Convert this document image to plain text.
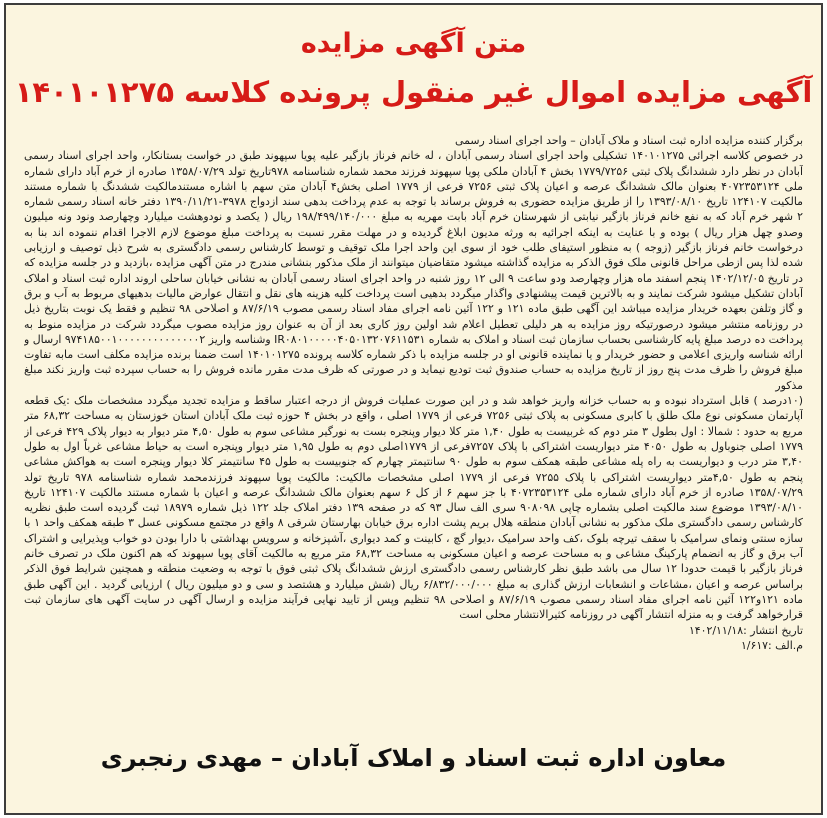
متن آگهی مزایده
آگهی مزایده اموال غیر منقول پرونده کلاسه ۱۴۰۱۰۱۲۷۵

برگزار کننده مزایده اداره ثبت اسناد و ملاک آبادان – واحد اجرای اسناد رسمی

در خصوص کلاسه اجرائی ۱۴۰۱۰۱۲۷۵ تشکیلی واحد اجرای اسناد رسمی آبادان ، له خانم فرناز بازگیر علیه پویا سپهوند طبق در خواست بستانکار، واحد اجرای اسناد رسمی آبادان در نظر دارد ششدانگ پلاک ثبتی ۱۷۷۹/۷۲۵۶ بخش ۴ آبادان ملکی پویا سپهوند فرزند محمد شماره شناسنامه ۹۷۸تاریخ تولد ۱۳۵۸/۰۷/۲۹ صادره از خرم آباد دارای شماره ملی ۴۰۷۲۳۵۳۱۲۴ بعنوان مالک ششدانگ عرصه و اعیان پلاک ثبتی ۷۲۵۶ فرعی از ۱۷۷۹ اصلی بخش۴ آبادان متن سهم با اشاره مستندمالکیت ششدنگ با شماره مستند مالکیت ۱۲۴۱۰۷ تاریخ ۱۳۹۳/۰۸/۱۰ را از طریق مزایده حضوری به فروش برساند با توجه به عدم پرداخت بدهی سند ازدواج ۳۹۷۸-۱۳۹۰/۱۱/۲۱ دفتر خانه اسناد رسمی شماره ۲ شهر خرم آباد که به نفع خانم فرناز بازگیر نیابتی از شهرستان خرم آباد بابت مهریه به مبلغ ۱۹۸/۴۹۹/۱۴۰/۰۰۰ ریال ( یکصد و نودوهشت میلیارد وچهارصد ونود ونه میلیون وصدو چهل هزار ریال ) بوده و با عنایت به اینکه اجرائیه به ورثه مدیون ابلاغ گردیده و در مهلت مقرر نسبت به پرداخت مبلغ موضوع لازم الاجرا اقدام ننموده اند بنا به درخواست خانم فرناز بازگیر (زوجه ) به منظور استیفای طلب خود از سوی این واحد اجرا ملک توقیف و توسط کارشناس رسمی دادگستری به شرح ذیل توصیف و ارزیابی شده لذا پس ازطی مراحل قانونی ملک فوق الذکر به مزایده گذاشته میشود متقاضیان میتوانند از ملک مذکور بنشانی مندرج در متن آگهی مزایده ،بازدید و در جلسه مزایده که در تاریخ ۱۴۰۲/۱۲/۰۵ پنجم اسفند ماه هزار وچهارصد ودو ساعت ۹ الی ۱۲ روز شنبه در واحد اجرای اسناد رسمی آبادان به نشانی خیابان ساحلی اروند اداره ثبت اسناد و املاک آبادان تشکیل میشود شرکت نمایند و به بالاترین قیمت پیشنهادی واگذار میگردد بدهیی است پرداخت کلیه هزینه های نقل و انتقال عوارض مالیات بدهیهای مربوط به آب و برق و گاز وتلفن بعهده خریدار مزایده میباشد این آگهی طبق ماده ۱۲۱ و ۱۲۲ آئین نامه اجرای مفاد اسناد رسمی مصوب ۸۷/۶/۱۹ و اصلاحی ۹۸ تنظیم و فقط یک نوبت بتاریخ ذیل در روزنامه منتشر میشود درصورتیکه روز مزایده به هر دلیلی تعطیل اعلام شد اولین روز کاری بعد از آن به عنوان روز مزایده مصوب میگردد شرکت در مزایده منوط به پرداخت ده درصد مبلغ پایه کارشناسی بحساب سازمان ثبت اسناد و املاک به شماره IR۰۸۰۱۰۰۰۰۰۴۰۵۰۱۳۲۰۷۶۱۱۵۳۱ وشناسه واریز ۹۷۴۱۸۵۰۰۱۰۰۰۰۰۰۰۰۰۰۰۰۰۰۲ ارسال و ارائه شناسه واریزی اعلامی و حضور خریدار و یا نماینده قانونی او در جلسه مزایده با ذکر شماره کلاسه پرونده ۱۴۰۱۰۱۲۷۵ است ضمنا برنده مزایده مکلف است مابه تفاوت مبلغ فروش را ظرف مدت پنج روز از تاریخ مزایده به حساب صندوق ثبت تودیع نیماید و در صورتی که ظرف مدت مقرر مانده فروش را به حساب سپرده ثبت واریز نکند مبلغ مذکور

(۱۰درصد ) قابل استرداد نبوده و به حساب خزانه واریز خواهد شد و در این صورت عملیات فروش از درجه اعتبار ساقط و مزایده تجدید میگردد مشخصات ملک :یک قطعه آپارتمان مسکونی نوع ملک طلق با کابری مسکونی به پلاک ثبتی ۷۲۵۶ فرعی از ۱۷۷۹ اصلی ، واقع در بخش ۴ حوزه ثبت ملک آبادان استان خوزستان به مساحت ۶۸,۳۲ متر مربع به حدود : شمالا : اول بطول ۳ متر دوم که غربیست به طول ۱,۴۰ متر کلا دیوار وپنجره بست به نورگیر مشاعی سوم به طول ۴,۵۰ متر دیوار به دیوار پلاک ۴۲۹ فرعی از ۱۷۷۹ اصلی جنوباول به طول ۴۰۵۰ متر دیواریست اشتراکی با پلاک ۷۲۵۷فرعی از ۱۷۷۹اصلی دوم به طول ۱,۹۵ متر دیوار وپنجره است به حیاط مشاعی غرباً اول به طول ۳,۴۰ متر درب و دیواریست به راه پله مشاعی طبقه همکف سوم به طول ۹۰ سانتیمتر چهارم که جنوبیست به طول ۴۵ سانتیمتر کلا دیوار وپنجره است به هواکش مشاعی پنجم به طول ۴,۵۰متر دیواریست اشتراکی با پلاک ۷۲۵۵ فرعی از ۱۷۷۹ اصلی مشخصات مالکیت: مالکیت پویا سپهوند فرزندمحمد شماره شناسنامه ۹۷۸ تاریخ تولد ۱۳۵۸/۰۷/۲۹ صادره از خرم آباد دارای شماره ملی ۴۰۷۲۳۵۳۱۲۴ با جز سهم ۶ از کل ۶ سهم بعنوان مالک ششدانگ عرصه و اعیان با شماره مستند مالکیت ۱۲۴۱۰۷ تاریخ ۱۳۹۳/۰۸/۱۰ موضوع سند مالکیت اصلی بشماره چاپی ۹۰۸۰۹۸ سری الف سال ۹۳ که در صفحه ۱۳۹ دفتر املاک جلد ۱۲۲ ذیل شماره ۱۸۹۷۹ ثبت گردیده است طبق نظریه کارشناس رسمی دادگستری ملک مذکور به نشانی آبادان منطقه هلال بریم پشت اداره برق خیابان بهارستان شرقی ۸ واقع در مجتمع مسکونی عسل ۳ طبقه همکف واحد ۱ با سازه سنتی ونمای سرامیک با سقف تیرچه بلوک ،کف واحد سرامیک ،دیوار گچ ، کابینت و کمد دیواری ،آشپزخانه و سرویس بهداشتی با دارا بودن دو خواب وپذیرایی و اشتراک آب برق و گاز به انضمام پارکینگ مشاعی و به مساحت عرصه و اعیان مسکونی به مساحت ۶۸,۳۲ متر مربع به مالکیت آقای پویا سپهوند که هم اکنون ملک در تصرف خانم فرناز بازگیر با قیمت حدودا ۱۲ سال می باشد طبق نظر کارشناس رسمی دادگستری ارزش ششدانگ پلاک ثبتی فوق با توجه به وضعیت منطقه و همچنین شرایط فوق الذکر براساس عرصه و اعیان ،مشاعات و انشعابات ارزش گذاری به مبلغ ۶/۸۳۲/۰۰۰/۰۰۰ ریال (شش میلیارد و هشتصد و سی و دو میلیون ریال ) ارزیابی گردید . این آگهی طبق ماده ۱۲۱و۱۲۲ آئین نامه اجرای مفاد اسناد رسمی مصوب ۸۷/۶/۱۹ و اصلاحی ۹۸ تنظیم وپس از تایید نهایی فرآیند مزایده و ارسال آگهی در سایت آگهی های سازمان ثبت قرارخواهد گرفت و به منزله انتشار آگهی در روزنامه کثیرالانتشار محلی است

تاریخ انتشار :۱۴۰۲/۱۱/۱۸

م.الف :۱/۶۱۷

معاون اداره ثبت اسناد و املاک آبادان – مهدی رنجبری
